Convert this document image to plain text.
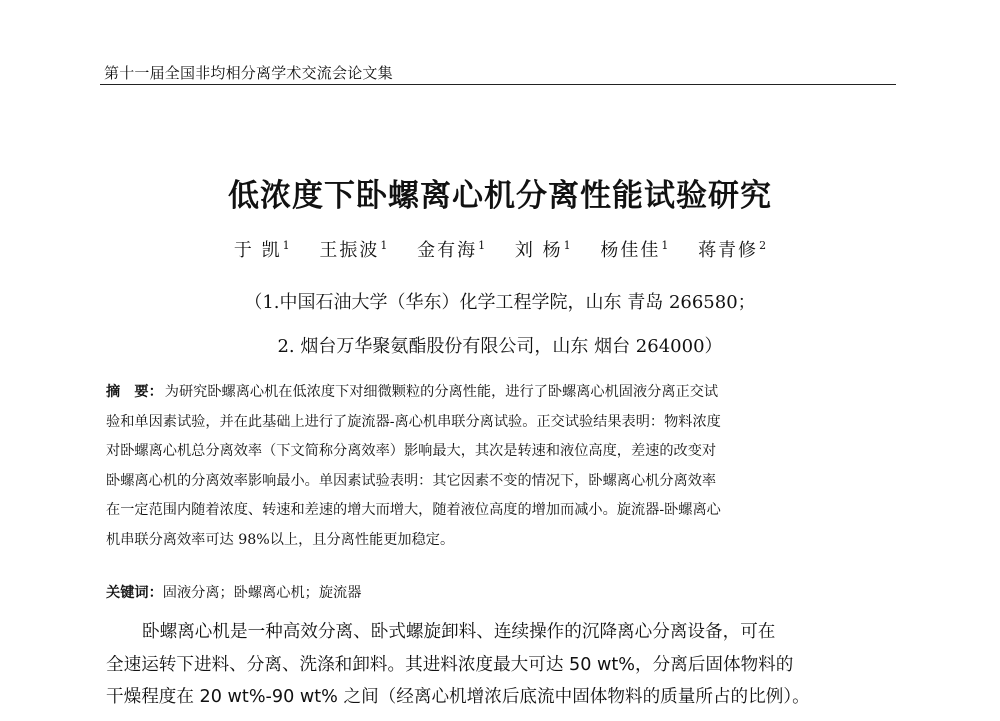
第十一届全国非均相分离学术交流会论文集
低浓度下卧螺离心机分离性能试验研究
于 凯$^1$ 王振波$^1$ 金有海$^1$ 刘 杨$^1$ 杨佳佳$^1$ 蒋青修$^2$
（1.中国石油大学（华东）化学工程学院，山东 青岛 266580；
2. 烟台万华聚氨酯股份有限公司，山东 烟台 264000）
摘　要： 为研究卧螺离心机在低浓度下对细微颗粒的分离性能，进行了卧螺离心机固液分离正交试
验和单因素试验，并在此基础上进行了旋流器-离心机串联分离试验。正交试验结果表明：物料浓度
对卧螺离心机总分离效率（下文简称分离效率）影响最大，其次是转速和液位高度，差速的改变对
卧螺离心机的分离效率影响最小。单因素试验表明：其它因素不变的情况下，卧螺离心机分离效率
在一定范围内随着浓度、转速和差速的增大而增大，随着液位高度的增加而减小。旋流器-卧螺离心
机串联分离效率可达 98%以上，且分离性能更加稳定。
关键词：固液分离；卧螺离心机；旋流器
卧螺离心机是一种高效分离、卧式螺旋卸料、连续操作的沉降离心分离设备，可在
全速运转下进料、分离、洗涤和卸料。其进料浓度最大可达 50 wt%，分离后固体物料的
干燥程度在 20 wt%-90 wt% 之间（经离心机增浓后底流中固体物料的质量所占的比例）。
